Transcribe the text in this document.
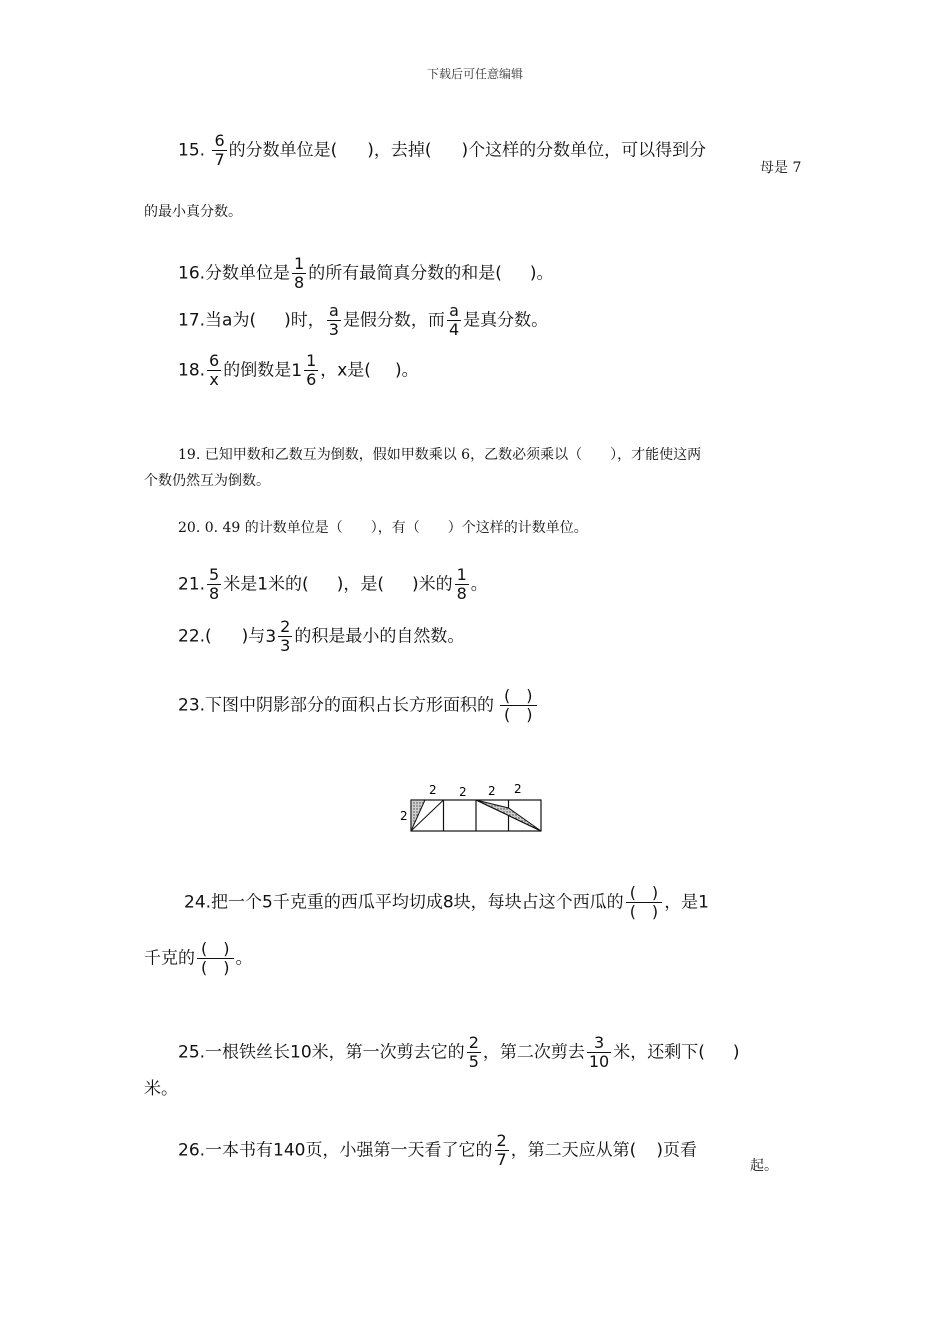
下载后可任意编辑
15. $\frac{6}{7}$ 的分数单位是( )，去掉( )个这样的分数单位，可以得到分
母是 7
的最小真分数。
16.分数单位是 $\frac{1}{8}$ 的所有最简真分数的和是( )。
17.当a为( )时， $\frac{a}{3}$ 是假分数，而 $\frac{a}{4}$ 是真分数。
18. $\frac{6}{x}$ 的倒数是 $1 \frac{1}{6}$ ，x是( )。
19. 已知甲数和乙数互为倒数，假如甲数乘以 6，乙数必须乘以（　　），才能使这两
个数仍然互为倒数。
20. 0. 49 的计数单位是（　　），有（　　）个这样的计数单位。
21. $\frac{5}{8}$ 米是1米的( )，是( )米的 $\frac{1}{8}$ 。
22.( )与 $3 \frac{2}{3}$ 的积是最小的自然数。
23.下图中阴影部分的面积占长方形面积的 $\frac{( )}{( )}$
2 2 2 2
2
24.把一个5千克重的西瓜平均切成8块，每块占这个西瓜的 $\frac{( )}{( )}$ ，是1
千克的 $\frac{( )}{( )}$ 。
25.一根铁丝长10米，第一次剪去它的 $\frac{2}{5}$ ，第二次剪去 $\frac{3}{10}$ 米，还剩下( )
米。
26.一本书有140页，小强第一天看了它的 $\frac{2}{7}$ ，第二天应从第( )页看
起。
